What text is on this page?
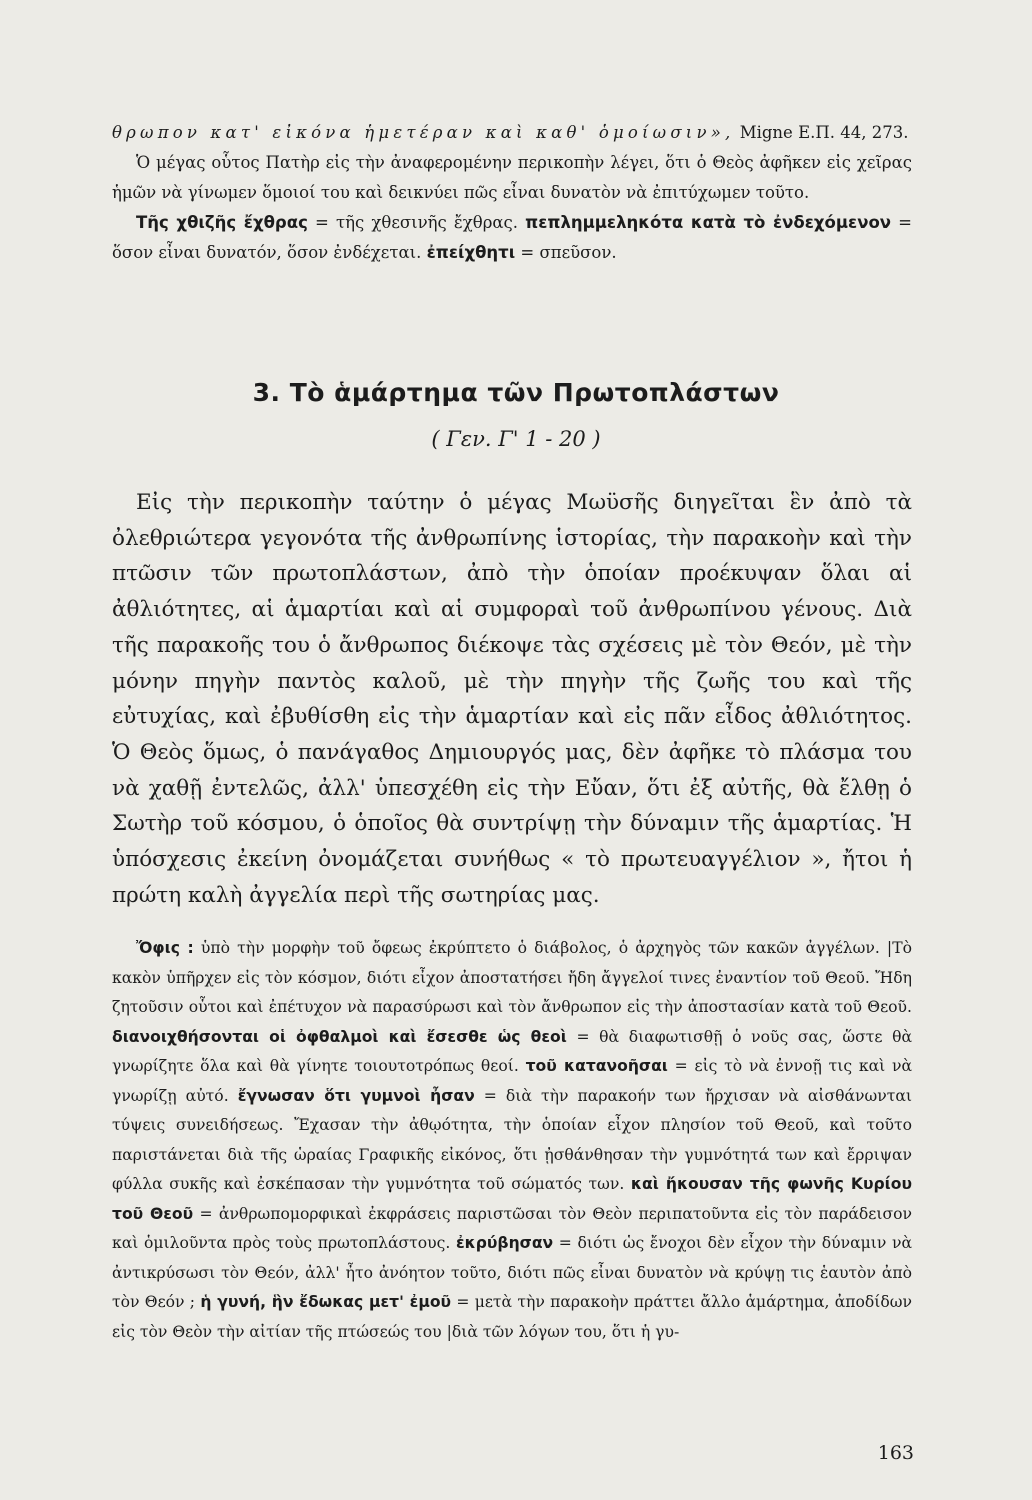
θρωπον κατ' εἰκόνα ἡμετέραν καὶ καθ' ὁμοίωσιν», Migne Ε.Π. 44, 273.

Ὁ μέγας οὗτος Πατὴρ εἰς τὴν ἀναφερομένην περικοπὴν λέγει, ὅτι ὁ Θεὸς ἀφῆκεν εἰς χεῖρας ἡμῶν νὰ γίνωμεν ὅμοιοί του καὶ δεικνύει πῶς εἶναι δυνατὸν νὰ ἐπιτύχωμεν τοῦτο.

Τῆς χθιζῆς ἔχθρας = τῆς χθεσινῆς ἔχθρας. πεπλημμεληκότα κατὰ τὸ ἐνδεχόμενον = ὅσον εἶναι δυνατόν, ὅσον ἐνδέχεται. ἐπείχθητι = σπεῦσον.

3. Τὸ ἁμάρτημα τῶν Πρωτοπλάστων
( Γεν. Γ' 1 - 20 )

Εἰς τὴν περικοπὴν ταύτην ὁ μέγας Μωϋσῆς διηγεῖται ἓν ἀπὸ τὰ ὀλεθριώτερα γεγονότα τῆς ἀνθρωπίνης ἱστορίας, τὴν παρακοὴν καὶ τὴν πτῶσιν τῶν πρωτοπλάστων, ἀπὸ τὴν ὁποίαν προέκυψαν ὅλαι αἱ ἀθλιότητες, αἱ ἁμαρτίαι καὶ αἱ συμφοραὶ τοῦ ἀνθρωπίνου γένους. Διὰ τῆς παρακοῆς του ὁ ἄνθρωπος διέκοψε τὰς σχέσεις μὲ τὸν Θεόν, μὲ τὴν μόνην πηγὴν παντὸς καλοῦ, μὲ τὴν πηγὴν τῆς ζωῆς του καὶ τῆς εὐτυχίας, καὶ ἐβυθίσθη εἰς τὴν ἁμαρτίαν καὶ εἰς πᾶν εἶδος ἀθλιότητος. Ὁ Θεὸς ὅμως, ὁ πανάγαθος Δημιουργός μας, δὲν ἀφῆκε τὸ πλάσμα του νὰ χαθῇ ἐντελῶς, ἀλλ' ὑπεσχέθη εἰς τὴν Εὔαν, ὅτι ἐξ αὐτῆς, θὰ ἔλθῃ ὁ Σωτὴρ τοῦ κόσμου, ὁ ὁποῖος θὰ συντρίψῃ τὴν δύναμιν τῆς ἁμαρτίας. Ἡ ὑπόσχεσις ἐκείνη ὀνομάζεται συνήθως « τὸ πρωτευαγγέλιον », ἤτοι ἡ πρώτη καλὴ ἀγγελία περὶ τῆς σωτηρίας μας.

Ὄφις : ὑπὸ τὴν μορφὴν τοῦ ὄφεως ἐκρύπτετο ὁ διάβολος, ὁ ἀρχηγὸς τῶν κακῶν ἀγγέλων. |Τὸ κακὸν ὑπῆρχεν εἰς τὸν κόσμον, διότι εἶχον ἀποστατήσει ἤδη ἄγγελοί τινες ἐναντίον τοῦ Θεοῦ. Ἤδη ζητοῦσιν οὗτοι καὶ ἐπέτυχον νὰ παρασύρωσι καὶ τὸν ἄνθρωπον εἰς τὴν ἀποστασίαν κατὰ τοῦ Θεοῦ. διανοιχθήσονται οἱ ὀφθαλμοὶ καὶ ἔσεσθε ὡς θεοὶ = θὰ διαφωτισθῇ ὁ νοῦς σας, ὥστε θὰ γνωρίζητε ὅλα καὶ θὰ γίνητε τοιουτοτρόπως θεοί. τοῦ κατανοῆσαι = εἰς τὸ νὰ ἐννοῇ τις καὶ νὰ γνωρίζῃ αὐτό. ἔγνωσαν ὅτι γυμνοὶ ἦσαν = διὰ τὴν παρακοήν των ἤρχισαν νὰ αἰσθάνωνται τύψεις συνειδήσεως. Ἔχασαν τὴν ἀθῳότητα, τὴν ὁποίαν εἶχον πλησίον τοῦ Θεοῦ, καὶ τοῦτο παριστάνεται διὰ τῆς ὡραίας Γραφικῆς εἰκόνος, ὅτι ᾐσθάνθησαν τὴν γυμνότητά των καὶ ἔρριψαν φύλλα συκῆς καὶ ἐσκέπασαν τὴν γυμνότητα τοῦ σώματός των. καὶ ἤκουσαν τῆς φωνῆς Κυρίου τοῦ Θεοῦ = ἀνθρωπομορφικαὶ ἐκφράσεις παριστῶσαι τὸν Θεὸν περιπατοῦντα εἰς τὸν παράδεισον καὶ ὁμιλοῦντα πρὸς τοὺς πρωτοπλάστους. ἐκρύβησαν = διότι ὡς ἔνοχοι δὲν εἶχον τὴν δύναμιν νὰ ἀντικρύσωσι τὸν Θεόν, ἀλλ' ἦτο ἀνόητον τοῦτο, διότι πῶς εἶναι δυνατὸν νὰ κρύψῃ τις ἑαυτὸν ἀπὸ τὸν Θεόν ; ἡ γυνή, ἣν ἔδωκας μετ' ἐμοῦ = μετὰ τὴν παρακοὴν πράττει ἄλλο ἁμάρτημα, ἀποδίδων εἰς τὸν Θεὸν τὴν αἰτίαν τῆς πτώσεώς του |διὰ τῶν λόγων του, ὅτι ἡ γυ-

163
